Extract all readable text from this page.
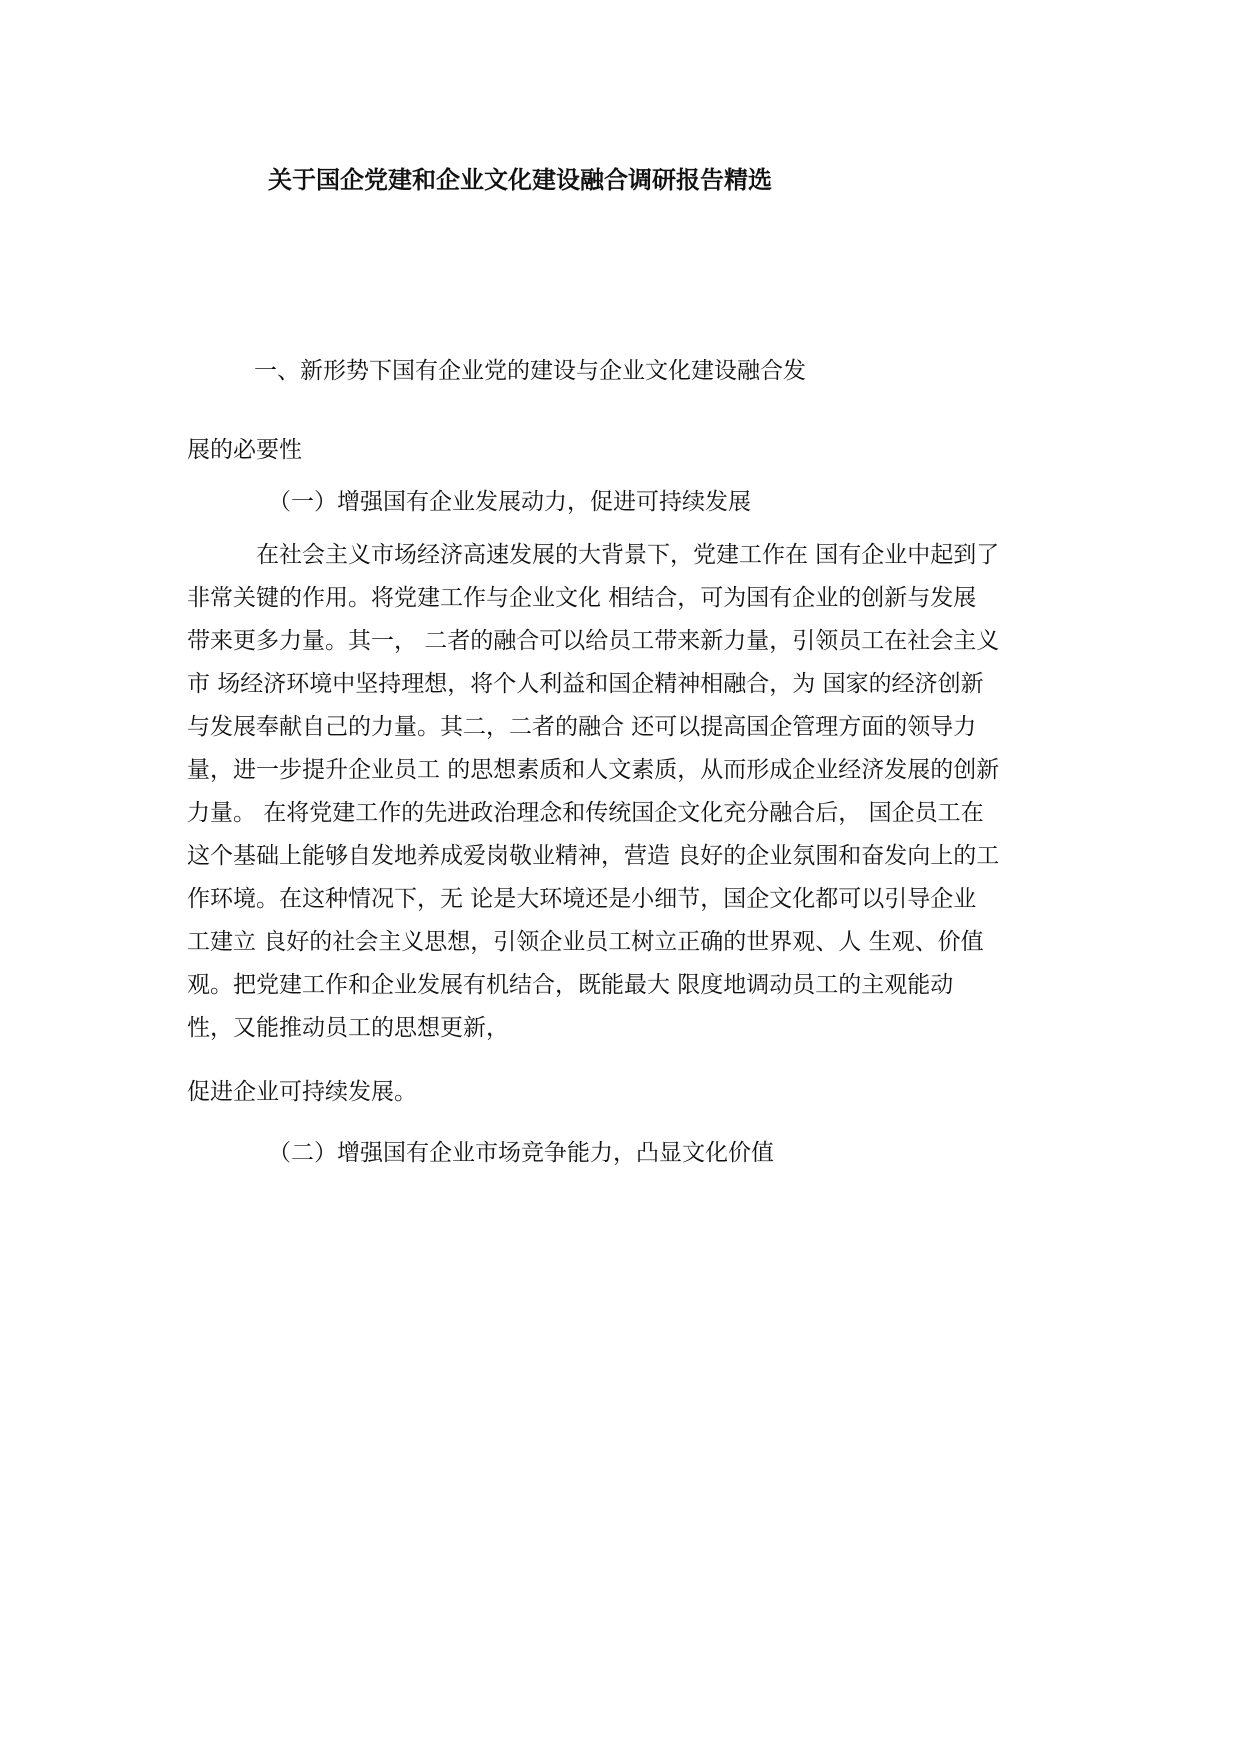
关于国企党建和企业文化建设融合调研报告精选
一、新形势下国有企业党的建设与企业文化建设融合发
展的必要性
（一）增强国有企业发展动力，促进可持续发展
在社会主义市场经济高速发展的大背景下，党建工作在 国有企业中起到了
非常关键的作用。将党建工作与企业文化 相结合，可为国有企业的创新与发展
带来更多力量。其一， 二者的融合可以给员工带来新力量，引领员工在社会主义
市 场经济环境中坚持理想，将个人利益和国企精神相融合，为 国家的经济创新
与发展奉献自己的力量。其二，二者的融合 还可以提高国企管理方面的领导力
量，进一步提升企业员工 的思想素质和人文素质，从而形成企业经济发展的创新
力量。 在将党建工作的先进政治理念和传统国企文化充分融合后， 国企员工在
这个基础上能够自发地养成爱岗敬业精神，营造 良好的企业氛围和奋发向上的工
作环境。在这种情况下，无 论是大环境还是小细节，国企文化都可以引导企业
工建立 良好的社会主义思想，引领企业员工树立正确的世界观、人 生观、价值
观。把党建工作和企业发展有机结合，既能最大 限度地调动员工的主观能动
性，又能推动员工的思想更新，
促进企业可持续发展。
（二）增强国有企业市场竞争能力，凸显文化价值
